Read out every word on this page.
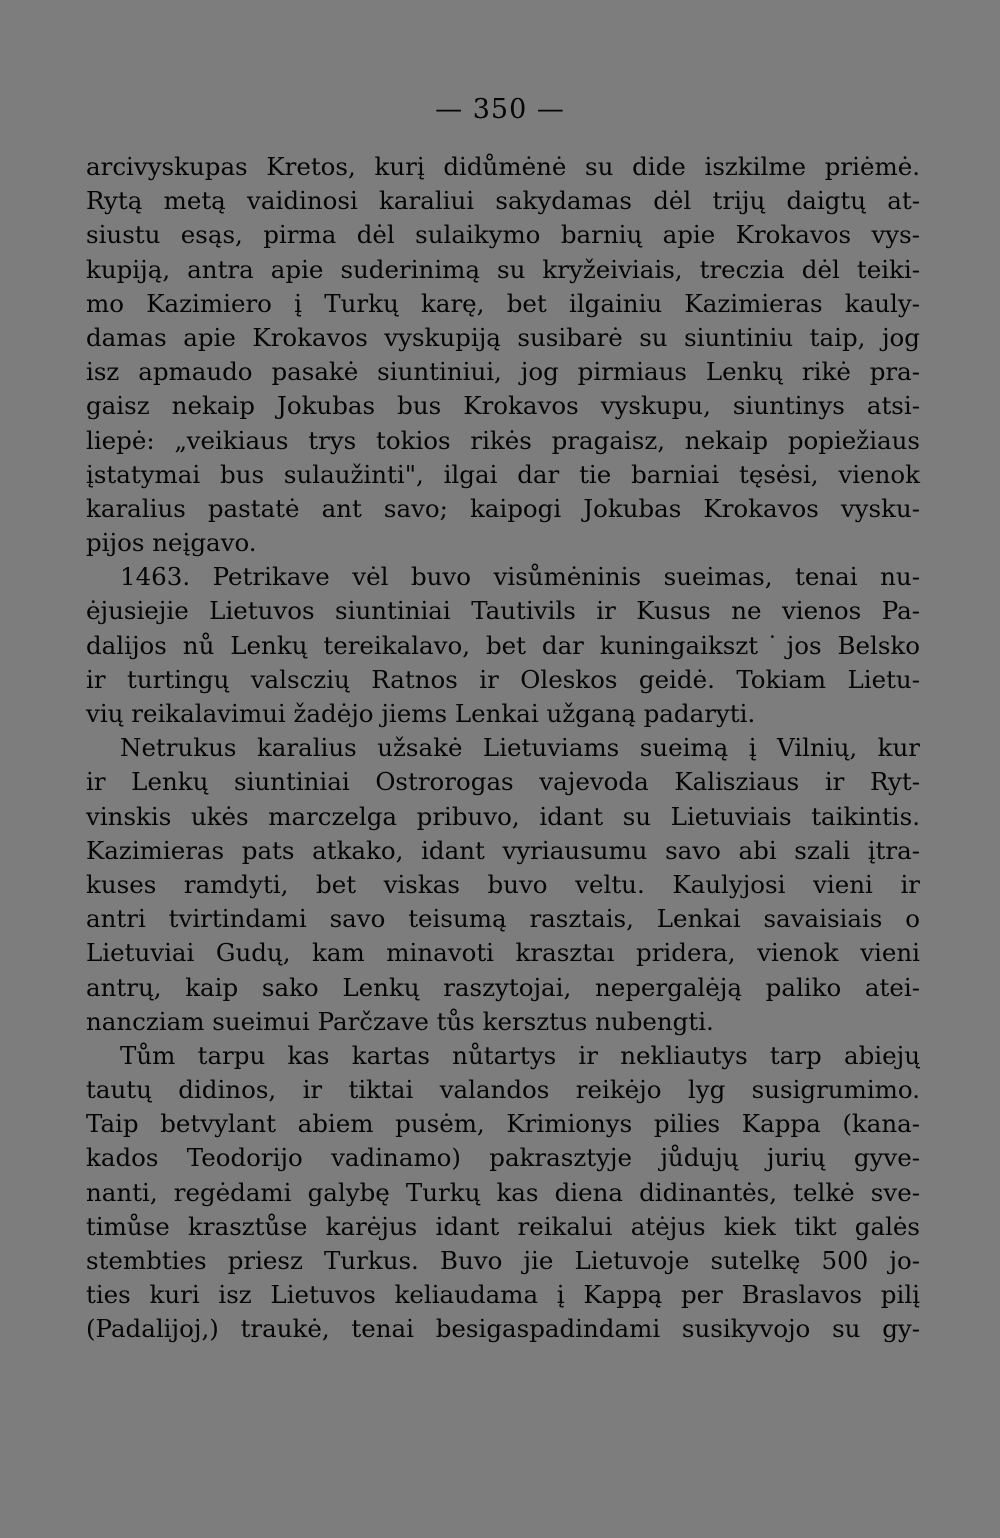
— 350 —
arcivyskupas Kretos, kurį didůmėnė su dide iszkilme priėmė.
Rytą metą vaidinosi karaliui sakydamas dėl trijų daigtų at-
siustu esąs, pirma dėl sulaikymo barnių apie Krokavos vys-
kupiją, antra apie suderinimą su kryžeiviais, treczia dėl teiki-
mo Kazimiero į Turkų karę, bet ilgainiu Kazimieras kauly-
damas apie Krokavos vyskupiją susibarė su siuntiniu taip, jog
isz apmaudo pasakė siuntiniui, jog pirmiaus Lenkų rikė pra-
gaisz nekaip Jokubas bus Krokavos vyskupu, siuntinys atsi-
liepė: „veikiaus trys tokios rikės pragaisz, nekaip popiežiaus
įstatymai bus sulaužinti", ilgai dar tie barniai tęsėsi, vienok
karalius pastatė ant savo; kaipogi Jokubas Krokavos vysku-
pijos neįgavo.
1463. Petrikave vėl buvo visůmėninis sueimas, tenai nu-
ėjusiejie Lietuvos siuntiniai Tautivils ir Kusus ne vienos Pa-
dalijos nů Lenkų tereikalavo, bet dar kuningaikszt˙jos Belsko
ir turtingų valsczių Ratnos ir Oleskos geidė. Tokiam Lietu-
vių reikalavimui žadėjo jiems Lenkai užganą padaryti.
Netrukus karalius užsakė Lietuviams sueimą į Vilnių, kur
ir Lenkų siuntiniai Ostrorogas vajevoda Kalisziaus ir Ryt-
vinskis ukės marczelga pribuvo, idant su Lietuviais taikintis.
Kazimieras pats atkako, idant vyriausumu savo abi szali įtra-
kuses ramdyti, bet viskas buvo veltu. Kaulyjosi vieni ir
antri tvirtindami savo teisumą rasztais, Lenkai savaisiais o
Lietuviai Gudų, kam minavoti krasztaı pridera, vienok vieni
antrų, kaip sako Lenkų raszytojai, nepergalėją paliko atei-
nancziam sueimui Parčzave tůs kersztus nubengti.
Tům tarpu kas kartas nůtartys ir nekliautys tarp abiejų
tautų didinos, ir tiktai valandos reikėjo lyg susigrumimo.
Taip betvylant abiem pusėm, Krimionys pilies Kappa (kana-
kados Teodorijo vadinamo) pakrasztyje jůdujų jurių gyve-
nanti, regėdami galybę Turkų kas diena didinantės, telkė sve-
timůse krasztůse karėjus idant reikalui atėjus kiek tikt galės
stembties priesz Turkus. Buvo jie Lietuvoje sutelkę 500 jo-
ties kuri isz Lietuvos keliaudama į Kappą per Braslavos pilį
(Padalijoj,) traukė, tenai besigaspadindami susikyvojo su gy-
